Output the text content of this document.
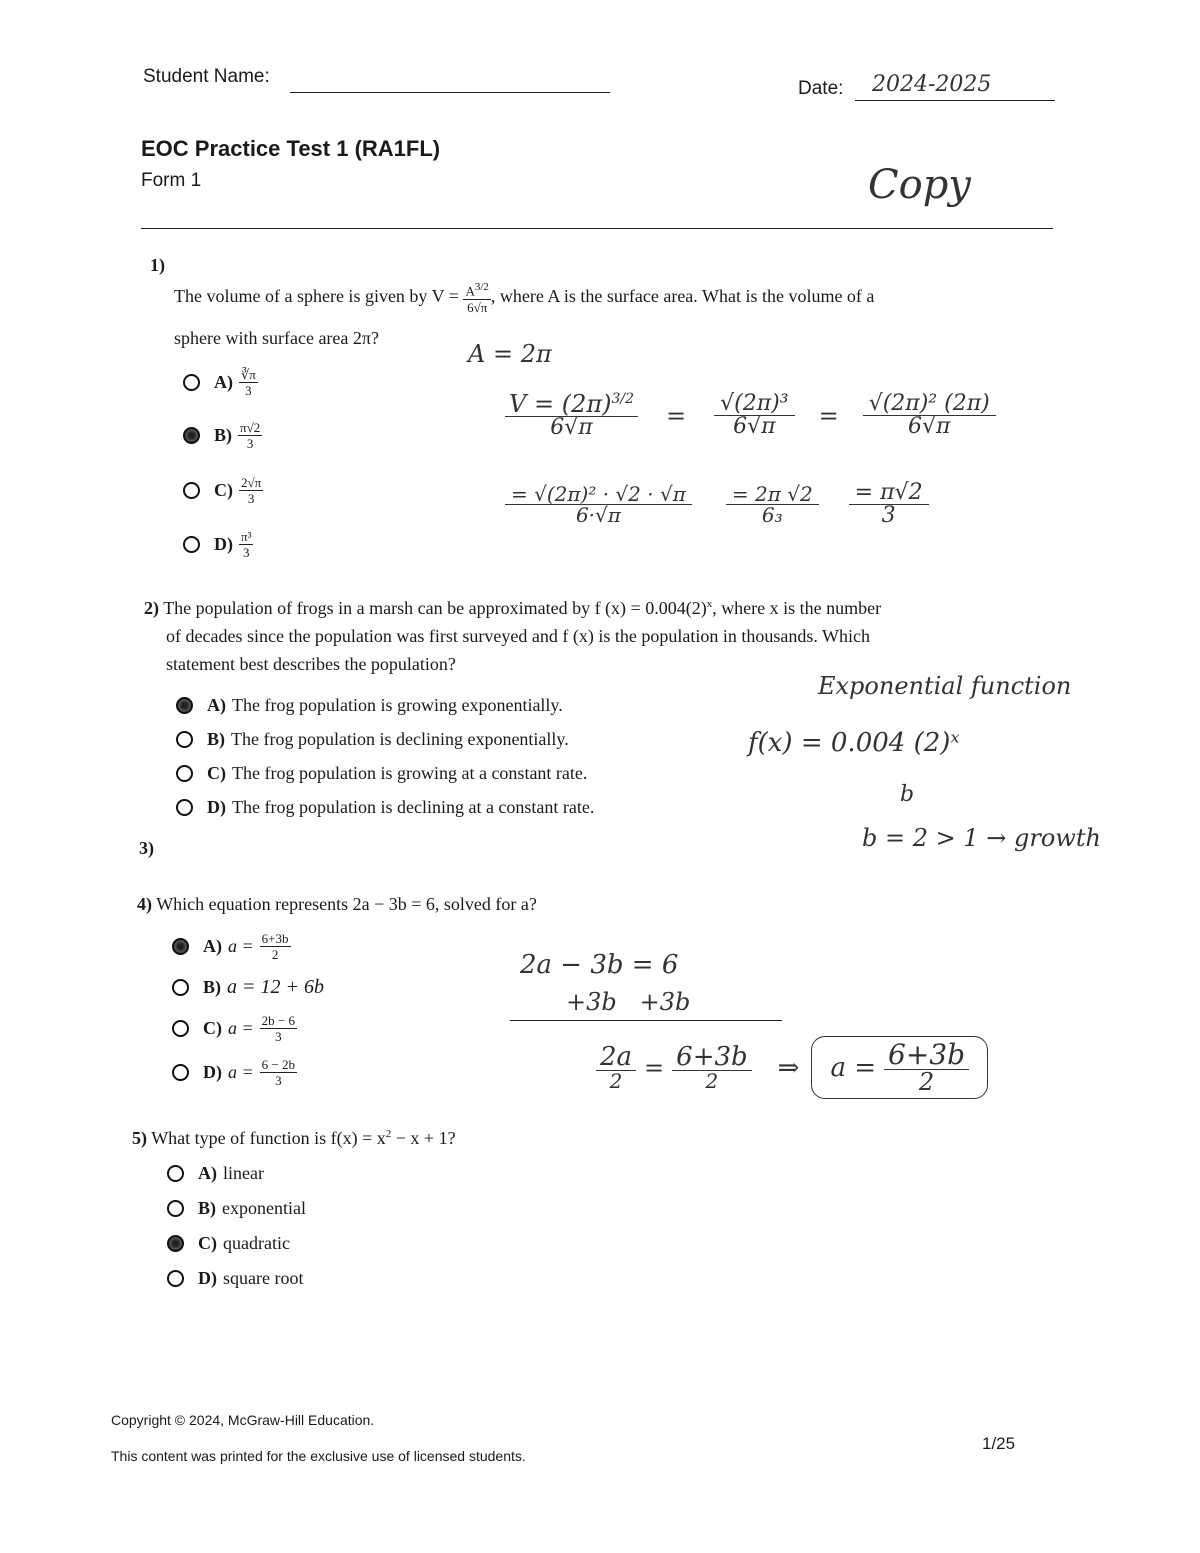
Student Name:
Date: 2024-2025
EOC Practice Test 1 (RA1FL)
Form 1	Copy
1)
The volume of a sphere is given by $V = \frac{A^{3/2}}{6√\pi}$ , where A is the surface area. What is the volume of a
sphere with surface area 2π?
$A) \frac{∛\pi}{3}$
$B) \frac{\pi√2}{3}$
$C) \frac{2√\pi}{3}$
$D) \frac{\text{π³}}{3}$
A = 2π
$\frac{V = (2\pi)^{3/2}}{6√\pi} = \frac{\text{√(2π)³}}{6√\pi} = \frac{\text{√(2π)² (2π)}}{6√\pi}$
$\frac{\text{= √(2π)² · √2 · √π}}{6\cdot√\pi} \frac{= 2\pi √2}{\text{6₃}} \frac{= \pi√2}{3}$
2) The population of frogs in a marsh can be approximated by f $(x) = 0.004(2)^x$, where x is the number
of decades since the population was first surveyed and f (x) is the population in thousands. Which
statement best describes the population?
A) The frog population is growing exponentially.
B) The frog population is declining exponentially.
C) The frog population is growing at a constant rate.
D) The frog population is declining at a constant rate.
Exponential function
f(x) = 0.004 (2)ˣ
b
b = 2 > 1 → growth
3)
4) Which equation represents 2a − 3b = 6, solved for a?
A) $a = \frac{6+3b}{2}$
B) a = 12 + 6b
C) $a = \frac{2b - 6}{3}$
D) $a = \frac{6 - 2b}{3}$
2a − 3b = 6
+3b   +3b
$\frac{2a}{2} = \frac{6+3b}{2}$ ⇒ $a = \frac{6+3b}{2}$
5) What type of function is $f(x) = x^2 - x + 1$?
A) linear
B) exponential
C) quadratic
D) square root
Copyright © 2024, McGraw-Hill Education.
This content was printed for the exclusive use of licensed students.
1/25
